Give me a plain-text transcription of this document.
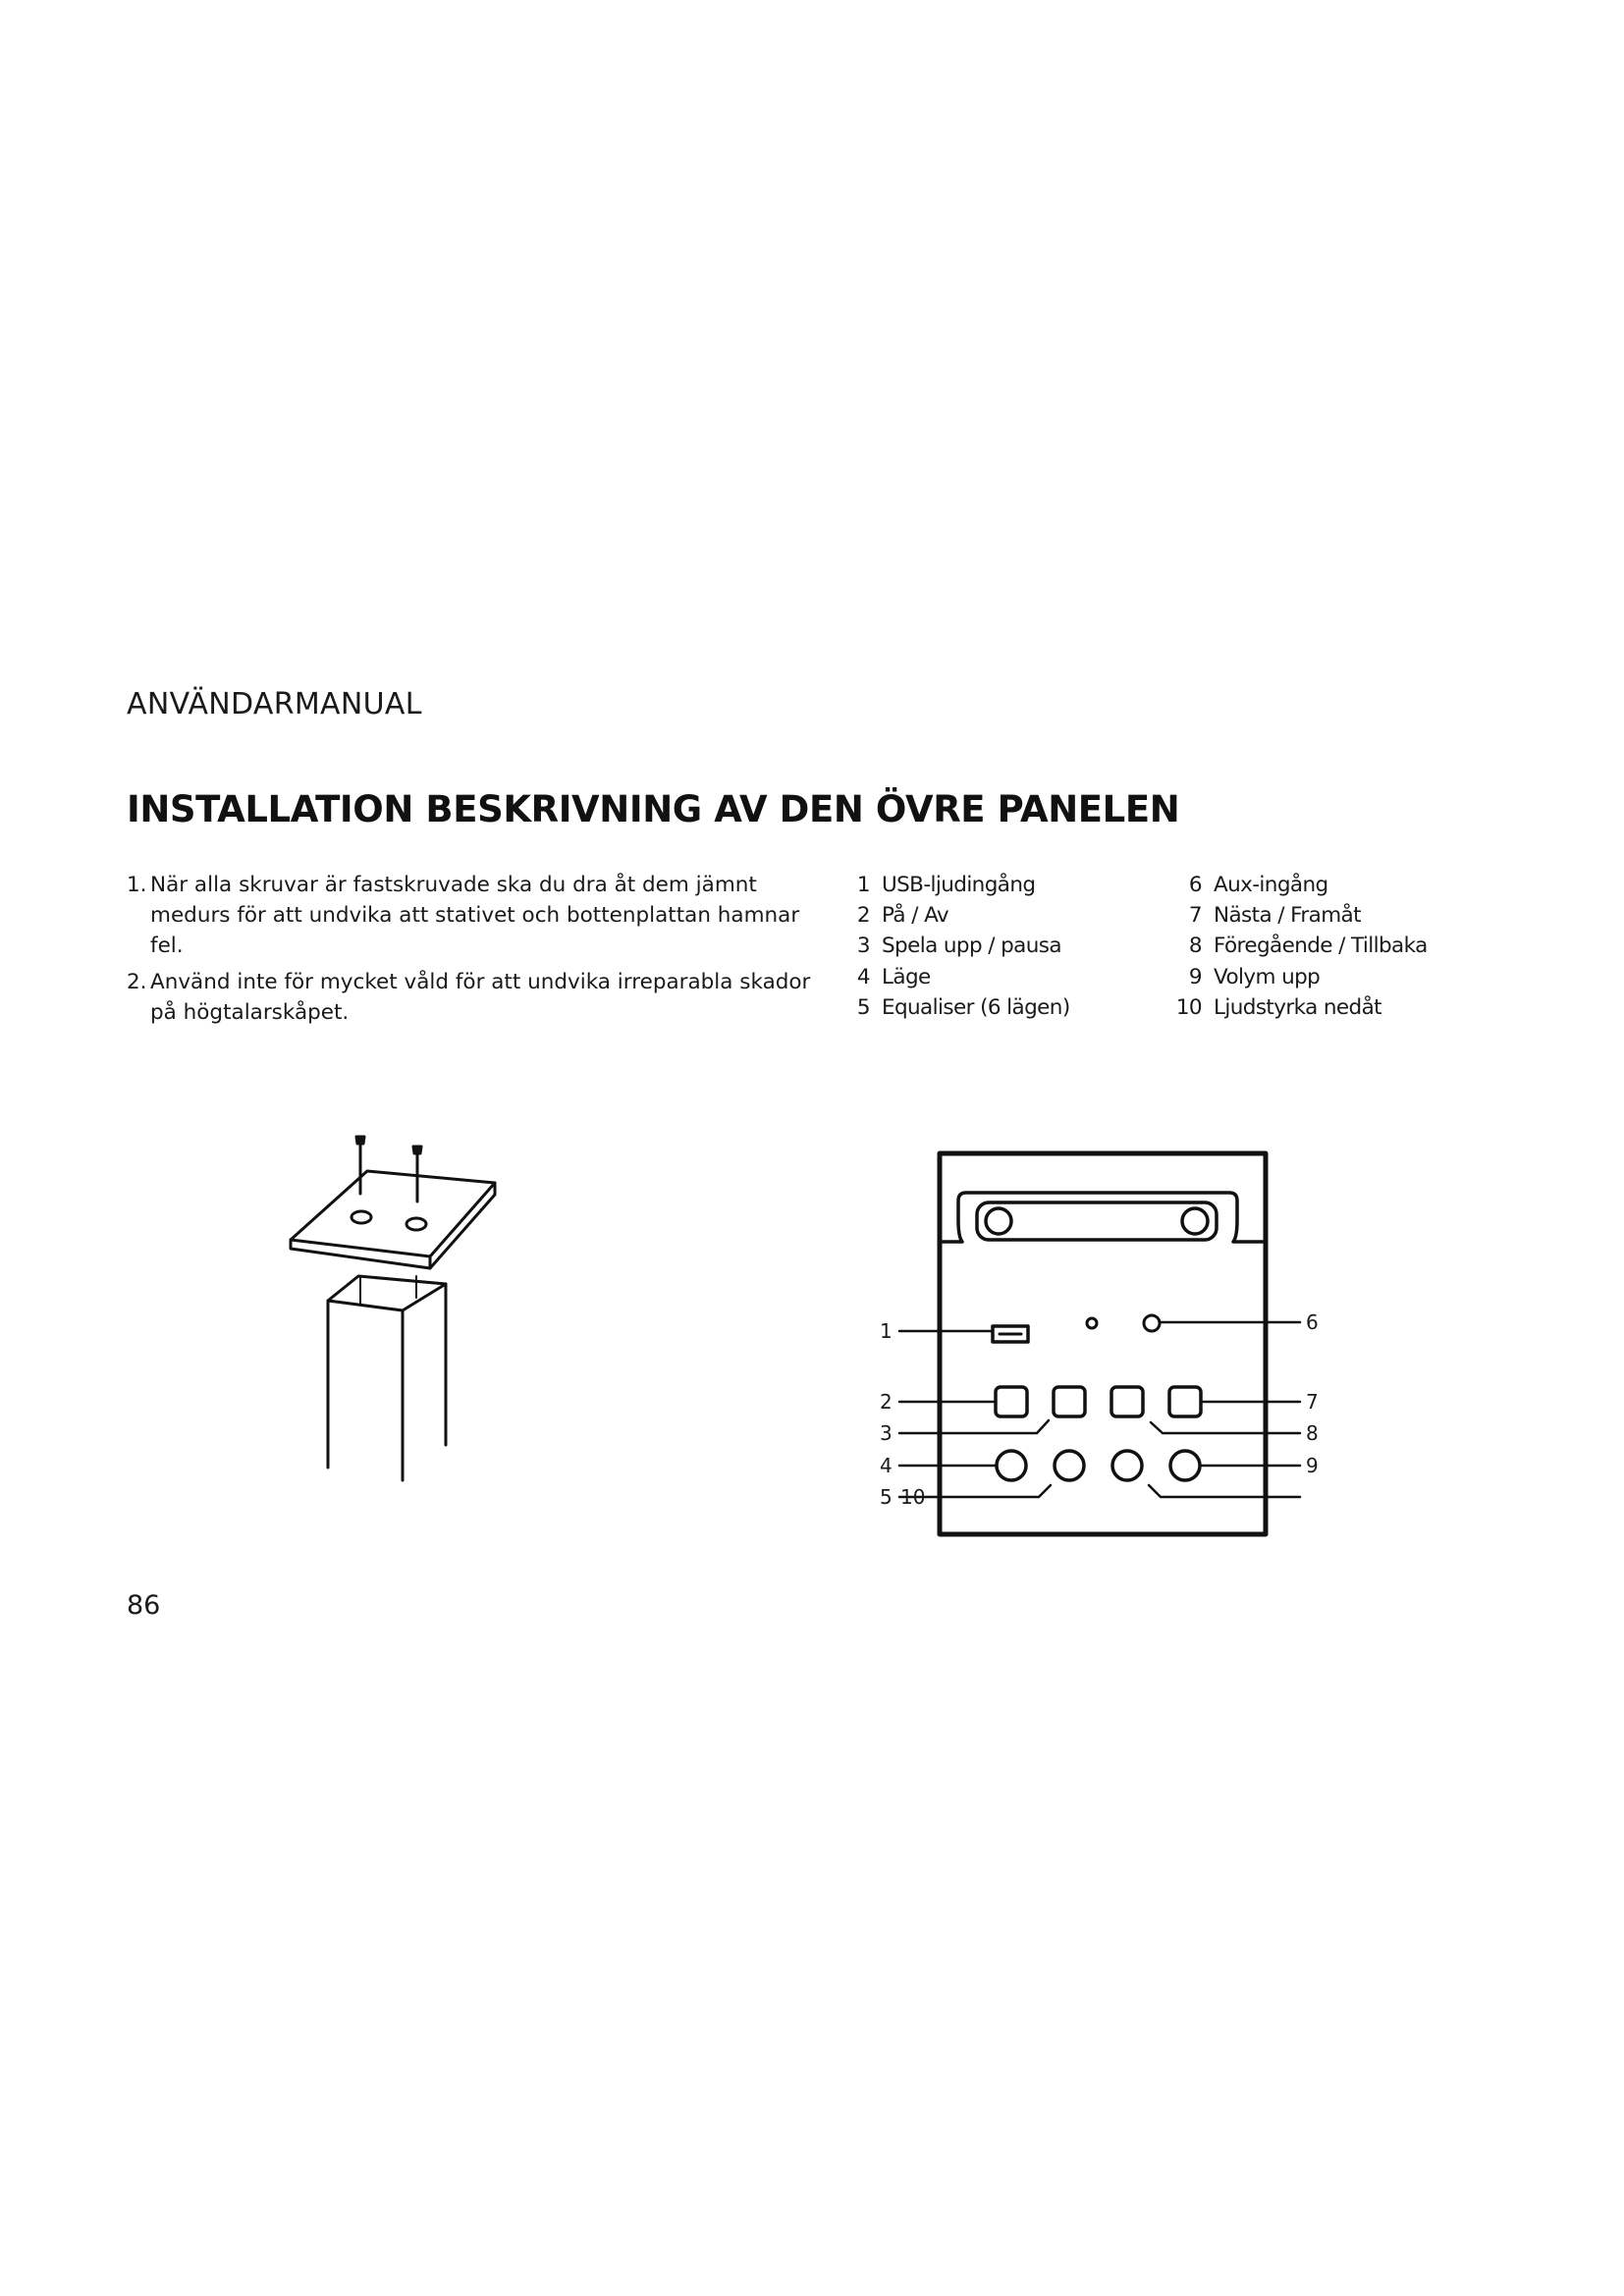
ANVÄNDARMANUAL
INSTALLATION BESKRIVNING AV DEN ÖVRE PANELEN
1. När alla skruvar är fastskruvade ska du dra åt dem jämnt medurs för att undvika att stativet och bottenplattan hamnar fel.
2. Använd inte för mycket våld för att undvika irreparabla skador på högtalarskåpet.
1 USB-ljudingång
2 På / Av
3 Spela upp / pausa
4 Läge
5 Equaliser (6 lägen)
6 Aux-ingång
7 Nästa / Framåt
8 Föregående / Tillbaka
9 Volym upp
10 Ljudstyrka nedåt
1	6
2	7
3	8
4	9
5 10
86
